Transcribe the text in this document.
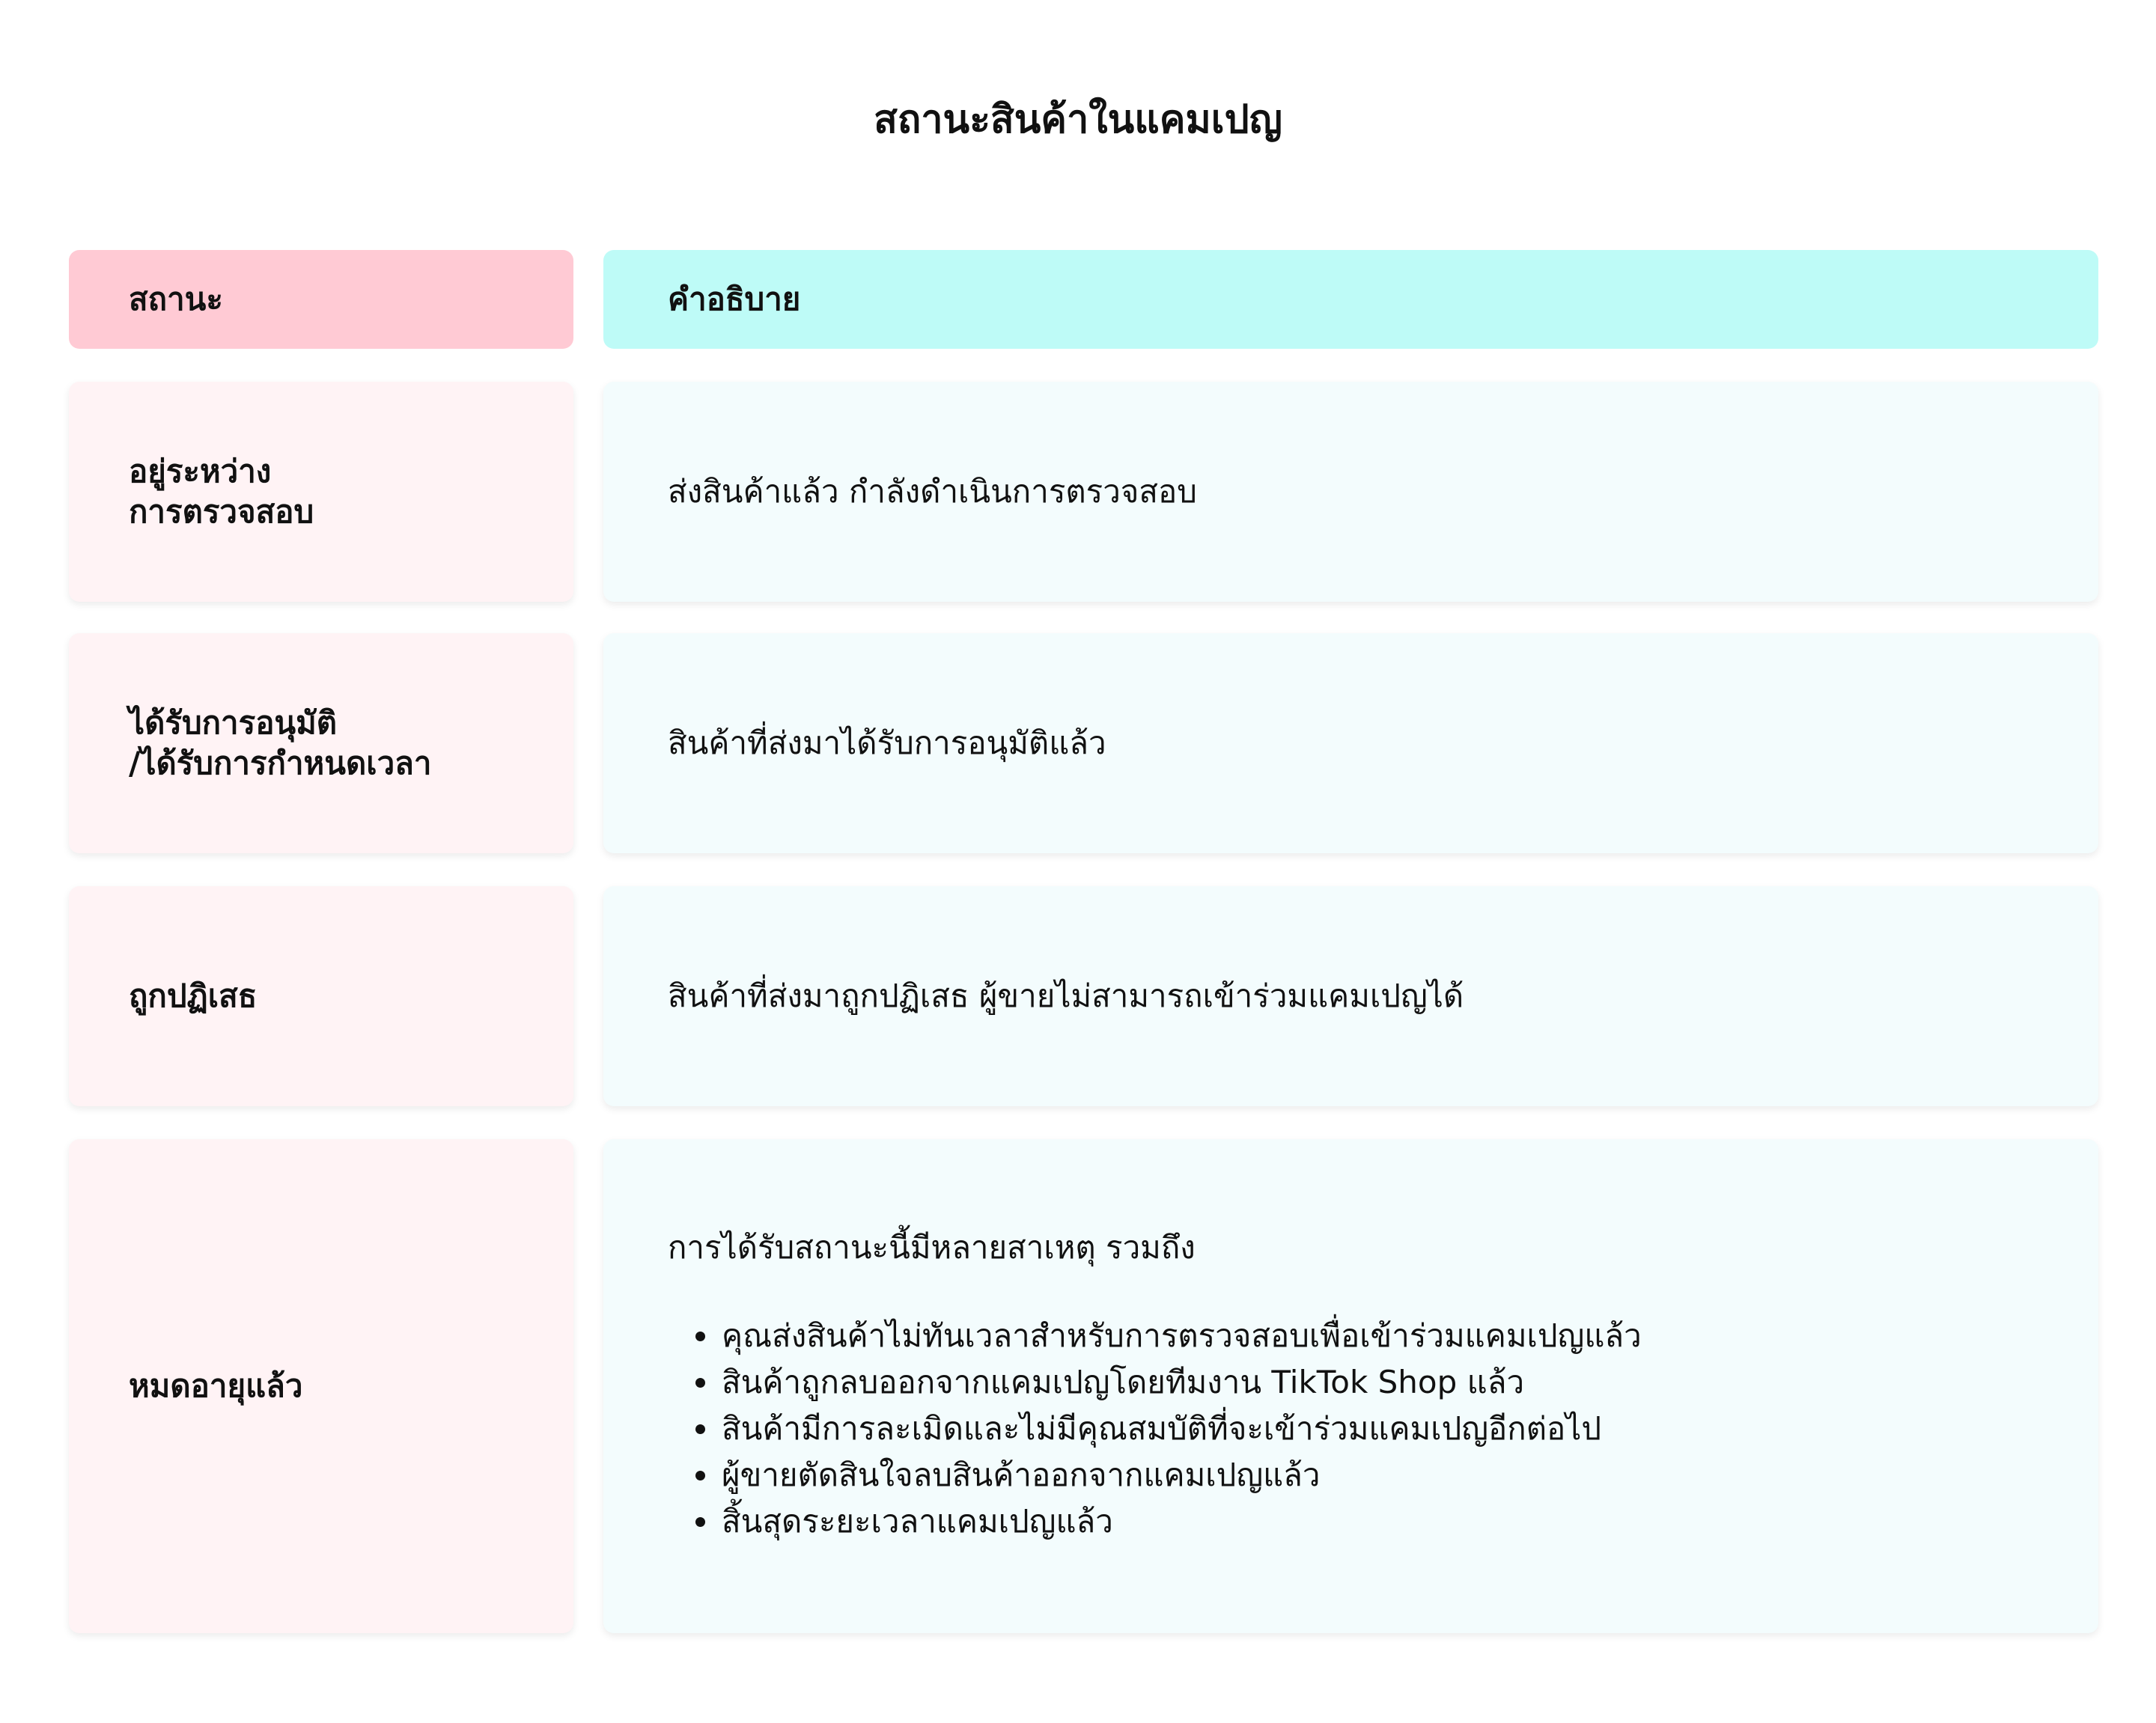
สถานะสินค้าในแคมเปญ
สถานะ	คำอธิบาย
อยู่ระหว่าง
การตรวจสอบ
ส่งสินค้าแล้ว กำลังดำเนินการตรวจสอบ
ได้รับการอนุมัติ
/ได้รับการกำหนดเวลา
สินค้าที่ส่งมาได้รับการอนุมัติแล้ว
ถูกปฏิเสธ	สินค้าที่ส่งมาถูกปฏิเสธ ผู้ขายไม่สามารถเข้าร่วมแคมเปญได้
หมดอายุแล้ว
การได้รับสถานะนี้มีหลายสาเหตุ รวมถึง
• คุณส่งสินค้าไม่ทันเวลาสำหรับการตรวจสอบเพื่อเข้าร่วมแคมเปญแล้ว
• สินค้าถูกลบออกจากแคมเปญโดยทีมงาน TikTok Shop แล้ว
• สินค้ามีการละเมิดและไม่มีคุณสมบัติที่จะเข้าร่วมแคมเปญอีกต่อไป
• ผู้ขายตัดสินใจลบสินค้าออกจากแคมเปญแล้ว
• สิ้นสุดระยะเวลาแคมเปญแล้ว
